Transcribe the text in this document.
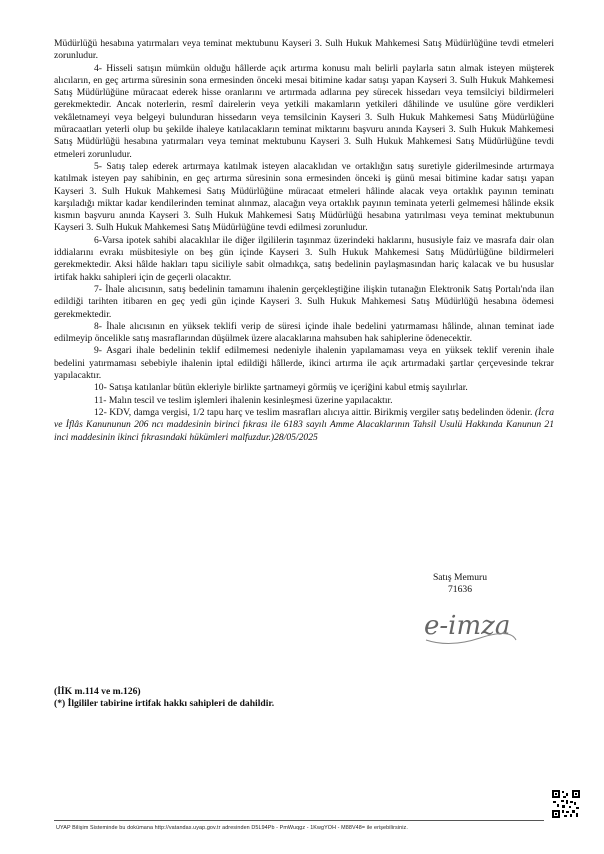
Müdürlüğü hesabına yatırmaları veya teminat mektubunu Kayseri 3. Sulh Hukuk Mahkemesi Satış Müdürlüğüne tevdi etmeleri zorunludur.

4- Hisseli satışın mümkün olduğu hâllerde açık artırma konusu malı belirli paylarla satın almak isteyen müşterek alıcıların, en geç artırma süresinin sona ermesinden önceki mesai bitimine kadar satışı yapan Kayseri 3. Sulh Hukuk Mahkemesi Satış Müdürlüğüne müracaat ederek hisse oranlarını ve artırmada adlarına pey sürecek hissedarı veya temsilciyi bildirmeleri gerekmektedir. Ancak noterlerin, resmî dairelerin veya yetkili makamların yetkileri dâhilinde ve usulüne göre verdikleri vekâletnameyi veya belgeyi bulunduran hissedarın veya temsilcinin Kayseri 3. Sulh Hukuk Mahkemesi Satış Müdürlüğüne müracaatları yeterli olup bu şekilde ihaleye katılacakların teminat miktarını başvuru anında Kayseri 3. Sulh Hukuk Mahkemesi Satış Müdürlüğü hesabına yatırmaları veya teminat mektubunu Kayseri 3. Sulh Hukuk Mahkemesi Satış Müdürlüğüne tevdi etmeleri zorunludur.

5- Satış talep ederek artırmaya katılmak isteyen alacaklıdan ve ortaklığın satış suretiyle giderilmesinde artırmaya katılmak isteyen pay sahibinin, en geç artırma süresinin sona ermesinden önceki iş günü mesai bitimine kadar satışı yapan Kayseri 3. Sulh Hukuk Mahkemesi Satış Müdürlüğüne müracaat etmeleri hâlinde alacak veya ortaklık payının teminatı karşıladığı miktar kadar kendilerinden teminat alınmaz, alacağın veya ortaklık payının teminata yeterli gelmemesi hâlinde eksik kısmın başvuru anında Kayseri 3. Sulh Hukuk Mahkemesi Satış Müdürlüğü hesabına yatırılması veya teminat mektubunun Kayseri 3. Sulh Hukuk Mahkemesi Satış Müdürlüğüne tevdi edilmesi zorunludur.

6-Varsa ipotek sahibi alacaklılar ile diğer ilgililerin taşınmaz üzerindeki haklarını, hususiyle faiz ve masrafa dair olan iddialarını evrakı müsbitesiyle on beş gün içinde Kayseri 3. Sulh Hukuk Mahkemesi Satış Müdürlüğüne bildirmeleri gerekmektedir. Aksi hâlde hakları tapu siciliyle sabit olmadıkça, satış bedelinin paylaşmasından hariç kalacak ve bu hususlar irtifak hakkı sahipleri için de geçerli olacaktır.

7- İhale alıcısının, satış bedelinin tamamını ihalenin gerçekleştiğine ilişkin tutanağın Elektronik Satış Portalı'nda ilan edildiği tarihten itibaren en geç yedi gün içinde Kayseri 3. Sulh Hukuk Mahkemesi Satış Müdürlüğü hesabına ödemesi gerekmektedir.

8- İhale alıcısının en yüksek teklifi verip de süresi içinde ihale bedelini yatırmaması hâlinde, alınan teminat iade edilmeyip öncelikle satış masraflarından düşülmek üzere alacaklarına mahsuben hak sahiplerine ödenecektir.

9- Asgari ihale bedelinin teklif edilmemesi nedeniyle ihalenin yapılamaması veya en yüksek teklif verenin ihale bedelini yatırmaması sebebiyle ihalenin iptal edildiği hâllerde, ikinci artırma ile açık artırmadaki şartlar çerçevesinde tekrar yapılacaktır.

10- Satışa katılanlar bütün ekleriyle birlikte şartnameyi görmüş ve içeriğini kabul etmiş sayılırlar.

11- Malın tescil ve teslim işlemleri ihalenin kesinleşmesi üzerine yapılacaktır.

12- KDV, damga vergisi, 1/2 tapu harç ve teslim masrafları alıcıya aittir. Birikmiş vergiler satış bedelinden ödenir. (İcra ve İflâs Kanununun 206 ncı maddesinin birinci fıkrası ile 6183 sayılı Amme Alacaklarının Tahsil Usulü Hakkında Kanunun 21 inci maddesinin ikinci fıkrasındaki hükümleri malfuzdur.)28/05/2025

Satış Memuru
71636
e-imza
(İİK m.114 ve m.126)
(*) İlgililer tabirine irtifak hakkı sahipleri de dahildir.
UYAP Bilişim Sisteminde bu dokümana http://vatandas.uyap.gov.tr adresinden D5L94Pb - PmWuqgz - 1KwgYOH - M88V48= ile erişebilirsiniz.
